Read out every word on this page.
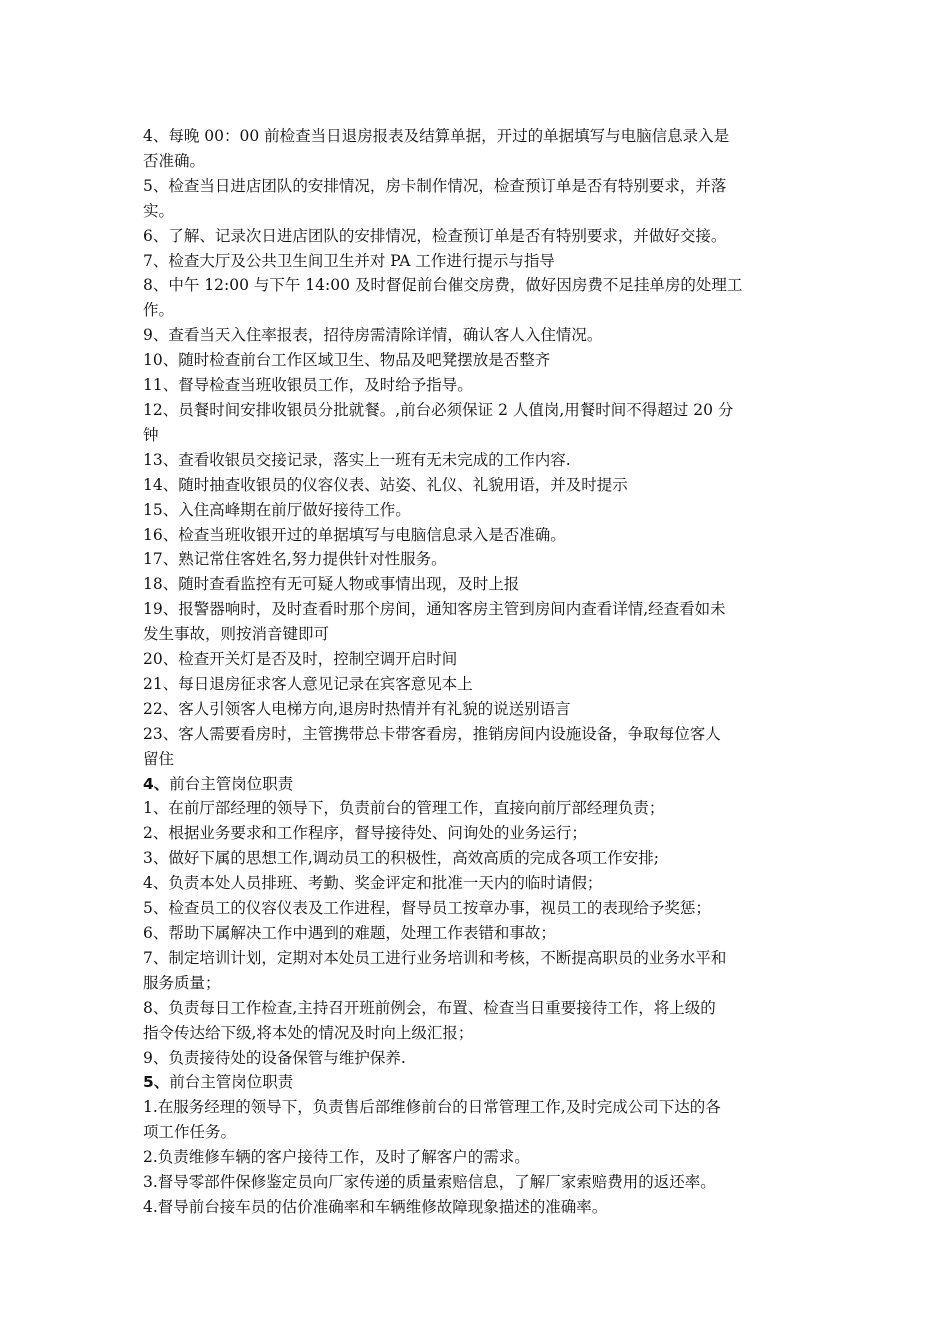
4、每晚 00：00 前检查当日退房报表及结算单据，开过的单据填写与电脑信息录入是

否准确。

5、检查当日进店团队的安排情况，房卡制作情况，检查预订单是否有特别要求，并落

实。

6、了解、记录次日进店团队的安排情况，检查预订单是否有特别要求，并做好交接。

7、检查大厅及公共卫生间卫生并对 PA 工作进行提示与指导

8、中午 12:00 与下午 14:00 及时督促前台催交房费，做好因房费不足挂单房的处理工

作。

9、查看当天入住率报表，招待房需清除详情，确认客人入住情况。

10、随时检查前台工作区域卫生、物品及吧凳摆放是否整齐

11、督导检查当班收银员工作，及时给予指导。

12、员餐时间安排收银员分批就餐。,前台必须保证 2 人值岗,用餐时间不得超过 20 分

钟

13、查看收银员交接记录，落实上一班有无未完成的工作内容.

14、随时抽查收银员的仪容仪表、站姿、礼仪、礼貌用语，并及时提示

15、入住高峰期在前厅做好接待工作。

16、检查当班收银开过的单据填写与电脑信息录入是否准确。

17、熟记常住客姓名,努力提供针对性服务。

18、随时查看监控有无可疑人物或事情出现，及时上报

19、报警器响时，及时查看时那个房间，通知客房主管到房间内查看详情,经查看如未

发生事故，则按消音键即可

20、检查开关灯是否及时，控制空调开启时间

21、每日退房征求客人意见记录在宾客意见本上

22、客人引领客人电梯方向,退房时热情并有礼貌的说送别语言

23、客人需要看房时，主管携带总卡带客看房，推销房间内设施设备，争取每位客人

留住

4、前台主管岗位职责

1、在前厅部经理的领导下，负责前台的管理工作，直接向前厅部经理负责；

2、根据业务要求和工作程序，督导接待处、问询处的业务运行；

3、做好下属的思想工作,调动员工的积极性，高效高质的完成各项工作安排;

4、负责本处人员排班、考勤、奖金评定和批准一天内的临时请假；

5、检查员工的仪容仪表及工作进程，督导员工按章办事，视员工的表现给予奖惩；

6、帮助下属解决工作中遇到的难题，处理工作表错和事故；

7、制定培训计划，定期对本处员工进行业务培训和考核，不断提高职员的业务水平和

服务质量；

8、负责每日工作检查,主持召开班前例会，布置、检查当日重要接待工作，将上级的

指令传达给下级,将本处的情况及时向上级汇报；

9、负责接待处的设备保管与维护保养.

5、前台主管岗位职责

1.在服务经理的领导下，负责售后部维修前台的日常管理工作,及时完成公司下达的各

项工作任务。

2.负责维修车辆的客户接待工作，及时了解客户的需求。

3.督导零部件保修鉴定员向厂家传递的质量索赔信息，了解厂家索赔费用的返还率。

4.督导前台接车员的估价准确率和车辆维修故障现象描述的准确率。
